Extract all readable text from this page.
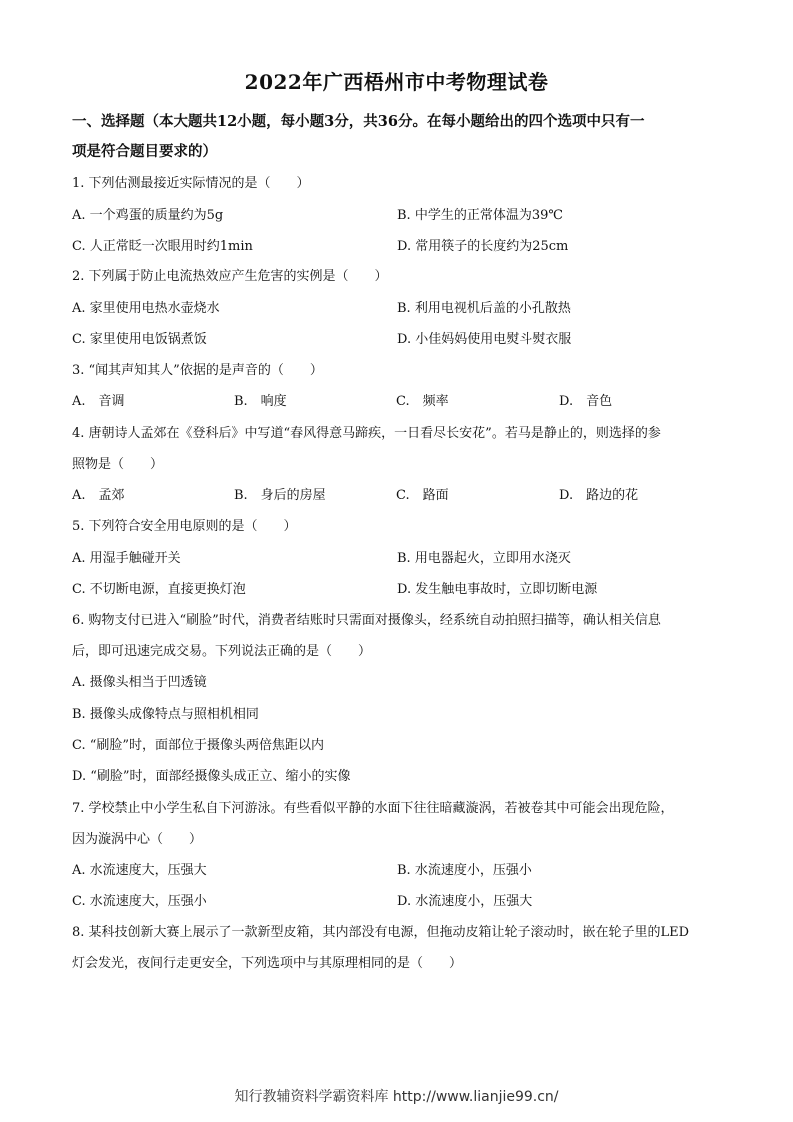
2022年广西梧州市中考物理试卷
一、选择题（本大题共12小题，每小题3分，共36分。在每小题给出的四个选项中只有一
项是符合题目要求的）
1. 下列估测最接近实际情况的是（　　）
A. 一个鸡蛋的质量约为5g	B. 中学生的正常体温为39℃
C. 人正常眨一次眼用时约1min	D. 常用筷子的长度约为25cm
2. 下列属于防止电流热效应产生危害的实例是（　　）
A. 家里使用电热水壶烧水	B. 利用电视机后盖的小孔散热
C. 家里使用电饭锅煮饭	D. 小佳妈妈使用电熨斗熨衣服
3. “闻其声知其人”依据的是声音的（　　）
A.　音调	B.　响度	C.　频率	D.　音色
4. 唐朝诗人孟郊在《登科后》中写道“春风得意马蹄疾，一日看尽长安花”。若马是静止的，则选择的参
照物是（　　）
A.　孟郊	B.　身后的房屋	C.　路面	D.　路边的花
5. 下列符合安全用电原则的是（　　）
A. 用湿手触碰开关	B. 用电器起火，立即用水浇灭
C. 不切断电源，直接更换灯泡	D. 发生触电事故时，立即切断电源
6. 购物支付已进入“刷脸”时代，消费者结账时只需面对摄像头，经系统自动拍照扫描等，确认相关信息
后，即可迅速完成交易。下列说法正确的是（　　）
A. 摄像头相当于凹透镜
B. 摄像头成像特点与照相机相同
C. “刷脸”时，面部位于摄像头两倍焦距以内
D. “刷脸”时，面部经摄像头成正立、缩小的实像
7. 学校禁止中小学生私自下河游泳。有些看似平静的水面下往往暗藏漩涡，若被卷其中可能会出现危险，
因为漩涡中心（　　）
A. 水流速度大，压强大	B. 水流速度小，压强小
C. 水流速度大，压强小	D. 水流速度小，压强大
8. 某科技创新大赛上展示了一款新型皮箱，其内部没有电源，但拖动皮箱让轮子滚动时，嵌在轮子里的LED
灯会发光，夜间行走更安全，下列选项中与其原理相同的是（　　）
知行教辅资料学霸资料库 http://www.lianjie99.cn/
